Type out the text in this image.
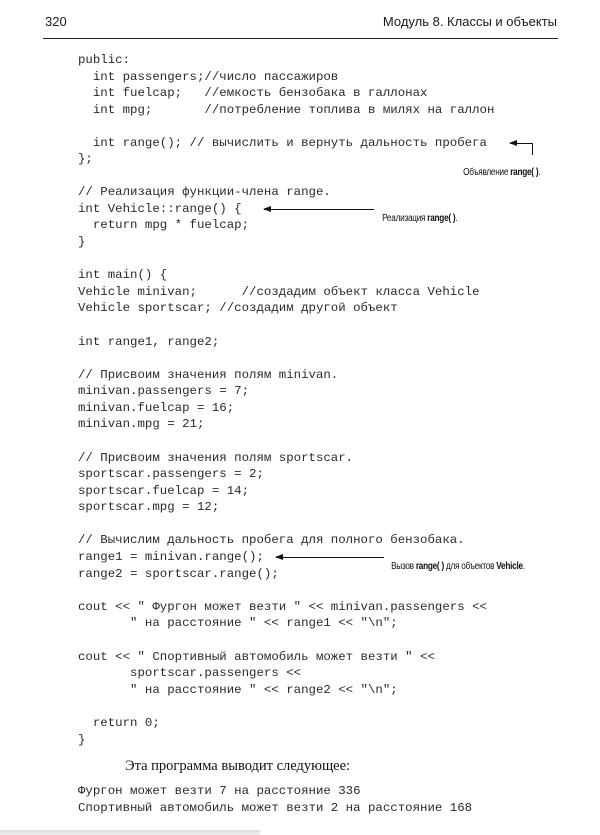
320	Модуль 8. Классы и объекты
public:
int passengers;//число пассажиров
int fuelcap;   //емкость бензобака в галлонах
int mpg;       //потребление топлива в милях на галлон
int range(); // вычислить и вернуть дальность пробега
};
// Реализация функции-члена range.
int Vehicle::range() {
return mpg * fuelcap;
}
int main() {
Vehicle minivan;      //создадим объект класса Vehicle
Vehicle sportscar; //создадим другой объект
int range1, range2;
// Присвоим значения полям minivan.
minivan.passengers = 7;
minivan.fuelcap = 16;
minivan.mpg = 21;
// Присвоим значения полям sportscar.
sportscar.passengers = 2;
sportscar.fuelcap = 14;
sportscar.mpg = 12;
// Вычислим дальность пробега для полного бензобака.
range1 = minivan.range();
range2 = sportscar.range();
cout << " Фургон может везти " << minivan.passengers <<
" на расстояние " << range1 << "\n";
cout << " Спортивный автомобиль может везти " <<
sportscar.passengers <<
" на расстояние " << range2 << "\n";
return 0;
}

Объявление range( ).

Реализация range( ).

Вызов range( ) для объектов Vehicle.

Эта программа выводит следующее:
Фургон может везти 7 на расстояние 336
Спортивный автомобиль может везти 2 на расстояние 168
